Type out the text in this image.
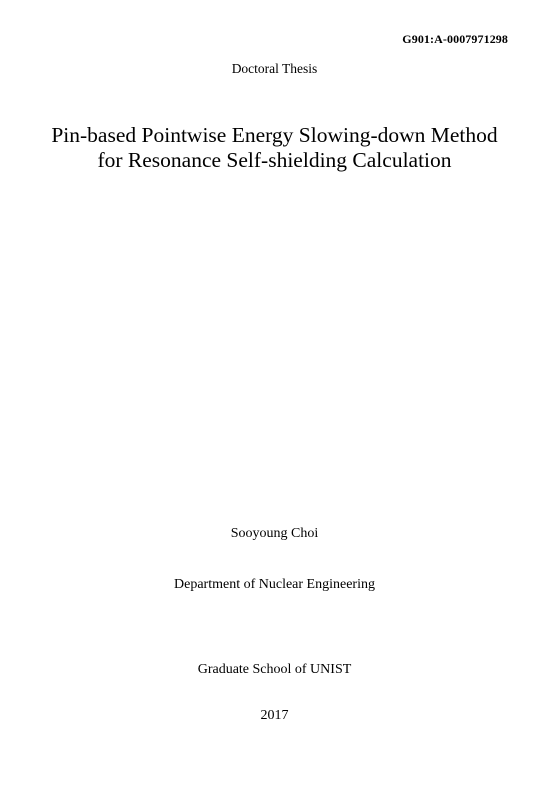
G901:A-0007971298
Doctoral Thesis
Pin-based Pointwise Energy Slowing-down Method
for Resonance Self-shielding Calculation
Sooyoung Choi
Department of Nuclear Engineering
Graduate School of UNIST
2017
